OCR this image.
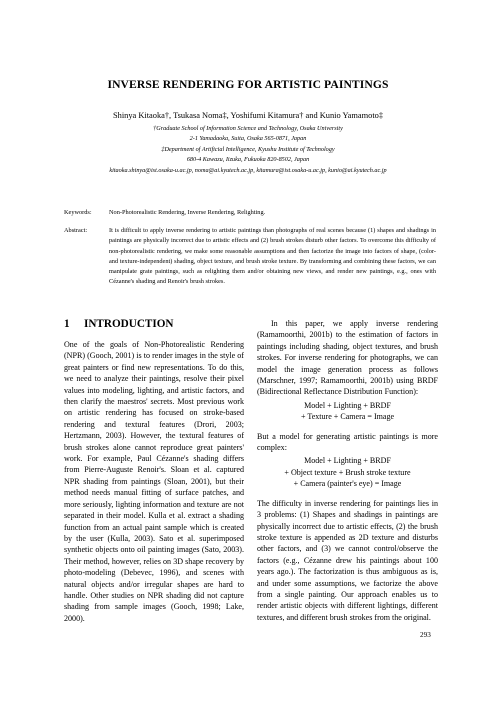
INVERSE RENDERING FOR ARTISTIC PAINTINGS
Shinya Kitaoka†, Tsukasa Noma‡, Yoshifumi Kitamura† and Kunio Yamamoto‡
†Graduate School of Information Science and Technology, Osaka University
2-1 Yamadaoka, Suita, Osaka 565-0871, Japan
‡Department of Artificial Intelligence, Kyushu Institute of Technology
680-4 Kawazu, Iizuka, Fukuoka 820-8502, Japan
kitaoka.shinya@ist.osaka-u.ac.jp, noma@ai.kyutech.ac.jp, kitamura@ist.osaka-u.ac.jp, kunio@ai.kyutech.ac.jp
Keywords:	Non-Photorealistic Rendering, Inverse Rendering, Relighting.
Abstract:	It is difficult to apply inverse rendering to artistic paintings than photographs of real scenes because (1) shapes and shadings in paintings are physically incorrect due to artistic effects and (2) brush strokes disturb other factors. To overcome this difficulty of non-photorealistic rendering, we make some reasonable assumptions and then factorize the image into factors of shape, (color- and texture-independent) shading, object texture, and brush stroke texture. By transforming and combining these factors, we can manipulate grate paintings, such as relighting them and/or obtaining new views, and render new paintings, e.g., ones with Cézanne's shading and Renoir's brush strokes.
1 INTRODUCTION

One of the goals of Non-Photorealistic Rendering (NPR) (Gooch, 2001) is to render images in the style of great painters or find new representations. To do this, we need to analyze their paintings, resolve their pixel values into modeling, lighting, and artistic factors, and then clarify the maestros' secrets. Most previous work on artistic rendering has focused on stroke-based rendering and textural features (Drori, 2003; Hertzmann, 2003). However, the textural features of brush strokes alone cannot reproduce great painters' work. For example, Paul Cézanne's shading differs from Pierre-Auguste Renoir's. Sloan et al. captured NPR shading from paintings (Sloan, 2001), but their method needs manual fitting of surface patches, and more seriously, lighting information and texture are not separated in their model. Kulla et al. extract a shading function from an actual paint sample which is created by the user (Kulla, 2003). Sato et al. superimposed synthetic objects onto oil painting images (Sato, 2003). Their method, however, relies on 3D shape recovery by photo-modeling (Debevec, 1996), and scenes with natural objects and/or irregular shapes are hard to handle. Other studies on NPR shading did not capture shading from sample images (Gooch, 1998; Lake, 2000).

In this paper, we apply inverse rendering (Ramamoorthi, 2001b) to the estimation of factors in paintings including shading, object textures, and brush strokes. For inverse rendering for photographs, we can model the image generation process as follows (Marschner, 1997; Ramamoorthi, 2001b) using BRDF (Bidirectional Reflectance Distribution Function):

Model + Lighting + BRDF

+ Texture + Camera = Image

But a model for generating artistic paintings is more complex:

Model + Lighting + BRDF

+ Object texture + Brush stroke texture

+ Camera (painter's eye) = Image

The difficulty in inverse rendering for paintings lies in 3 problems: (1) Shapes and shadings in paintings are physically incorrect due to artistic effects, (2) the brush stroke texture is appended as 2D texture and disturbs other factors, and (3) we cannot control/observe the factors (e.g., Cézanne drew his paintings about 100 years ago.). The factorization is thus ambiguous as is, and under some assumptions, we factorize the above from a single painting. Our approach enables us to render artistic objects with different lightings, different textures, and different brush strokes from the original.

293
